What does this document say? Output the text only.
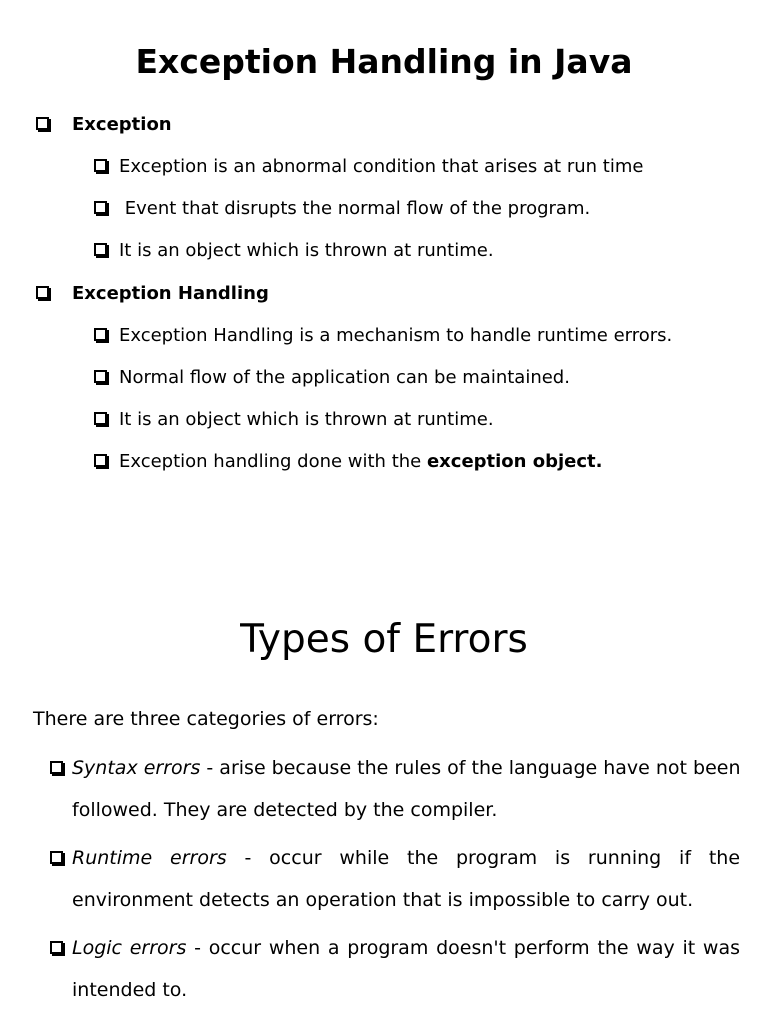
Exception Handling in Java
Exception
Exception is an abnormal condition that arises at run time
Event that disrupts the normal flow of the program.
It is an object which is thrown at runtime.
Exception Handling
Exception Handling is a mechanism to handle runtime errors.
Normal flow of the application can be maintained.
It is an object which is thrown at runtime.
Exception handling done with the exception object.
Types of Errors
There are three categories of errors:
Syntax errors - arise because the rules of the language have not been
followed. They are detected by the compiler.
Runtime errors - occur while the program is running if the
environment detects an operation that is impossible to carry out.
Logic errors - occur when a program doesn't perform the way it was
intended to.
